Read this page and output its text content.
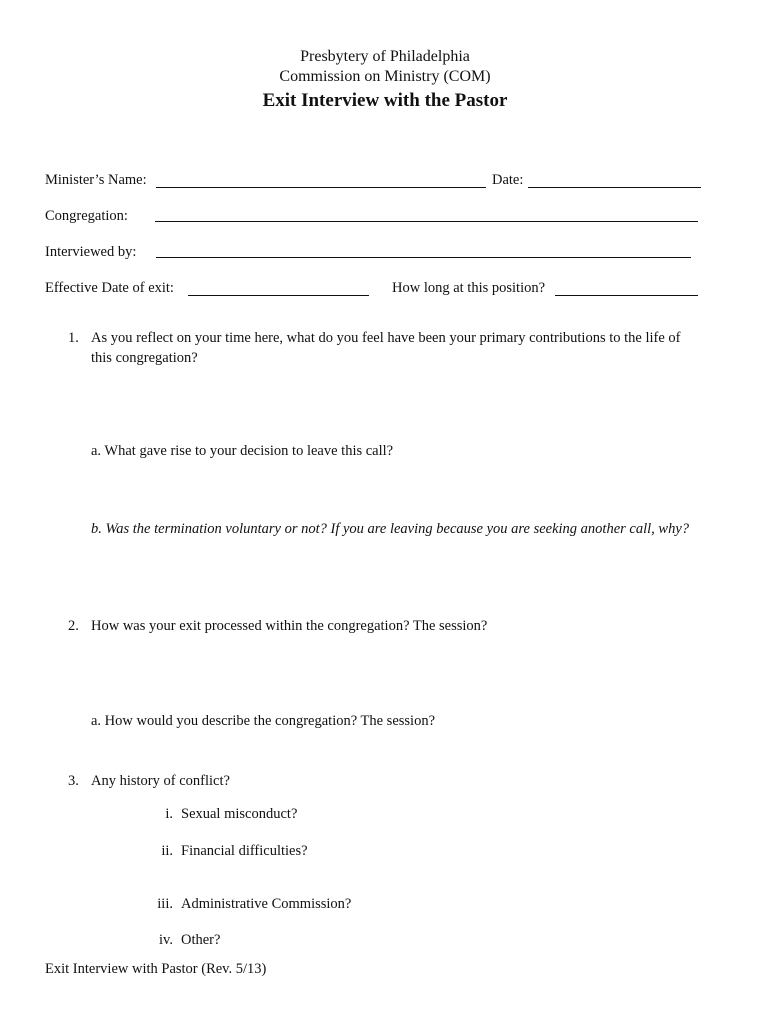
Presbytery of Philadelphia
Commission on Ministry (COM)
Exit Interview with the Pastor
Minister’s Name:	Date:
Congregation:
Interviewed by:
Effective Date of exit:	How long at this position?
1. As you reflect on your time here, what do you feel have been your primary contributions to the life of
this congregation?
a. What gave rise to your decision to leave this call?
b. Was the termination voluntary or not? If you are leaving because you are seeking another call, why?
2. How was your exit processed within the congregation? The session?
a. How would you describe the congregation? The session?
3. Any history of conflict?
i. Sexual misconduct?
ii. Financial difficulties?
iii. Administrative Commission?
iv. Other?
Exit Interview with Pastor (Rev. 5/13)
